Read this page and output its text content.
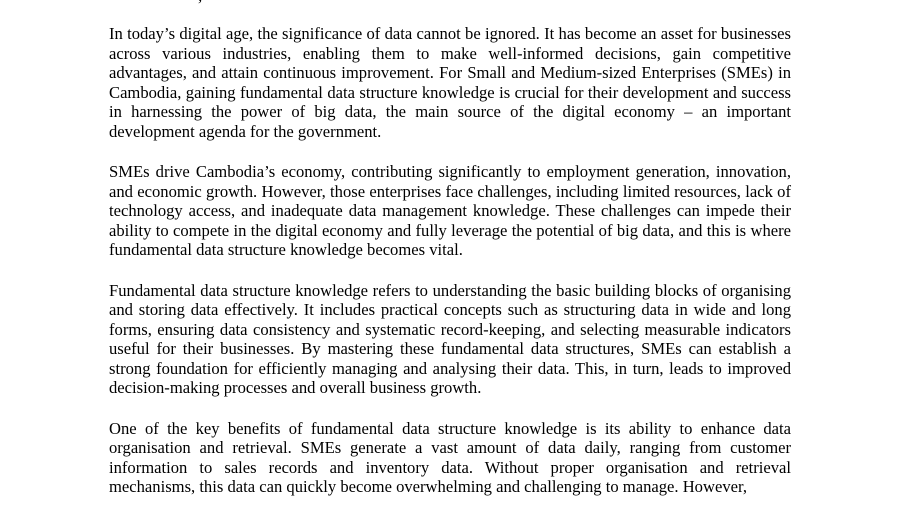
In today’s digital age, the significance of data cannot be ignored. It has become an asset for businesses across various industries, enabling them to make well-informed decisions, gain competitive advantages, and attain continuous improvement. For Small and Medium-sized Enterprises (SMEs) in Cambodia, gaining fundamental data structure knowledge is crucial for their development and success in harnessing the power of big data, the main source of the digital economy – an important development agenda for the government.

SMEs drive Cambodia’s economy, contributing significantly to employment generation, innovation, and economic growth. However, those enterprises face challenges, including limited resources, lack of technology access, and inadequate data management knowledge. These challenges can impede their ability to compete in the digital economy and fully leverage the potential of big data, and this is where fundamental data structure knowledge becomes vital.

Fundamental data structure knowledge refers to understanding the basic building blocks of organising and storing data effectively. It includes practical concepts such as structuring data in wide and long forms, ensuring data consistency and systematic record-keeping, and selecting measurable indicators useful for their businesses. By mastering these fundamental data structures, SMEs can establish a strong foundation for efficiently managing and analysing their data. This, in turn, leads to improved decision-making processes and overall business growth.

One of the key benefits of fundamental data structure knowledge is its ability to enhance data organisation and retrieval. SMEs generate a vast amount of data daily, ranging from customer information to sales records and inventory data. Without proper organisation and retrieval mechanisms, this data can quickly become overwhelming and challenging to manage. However,
